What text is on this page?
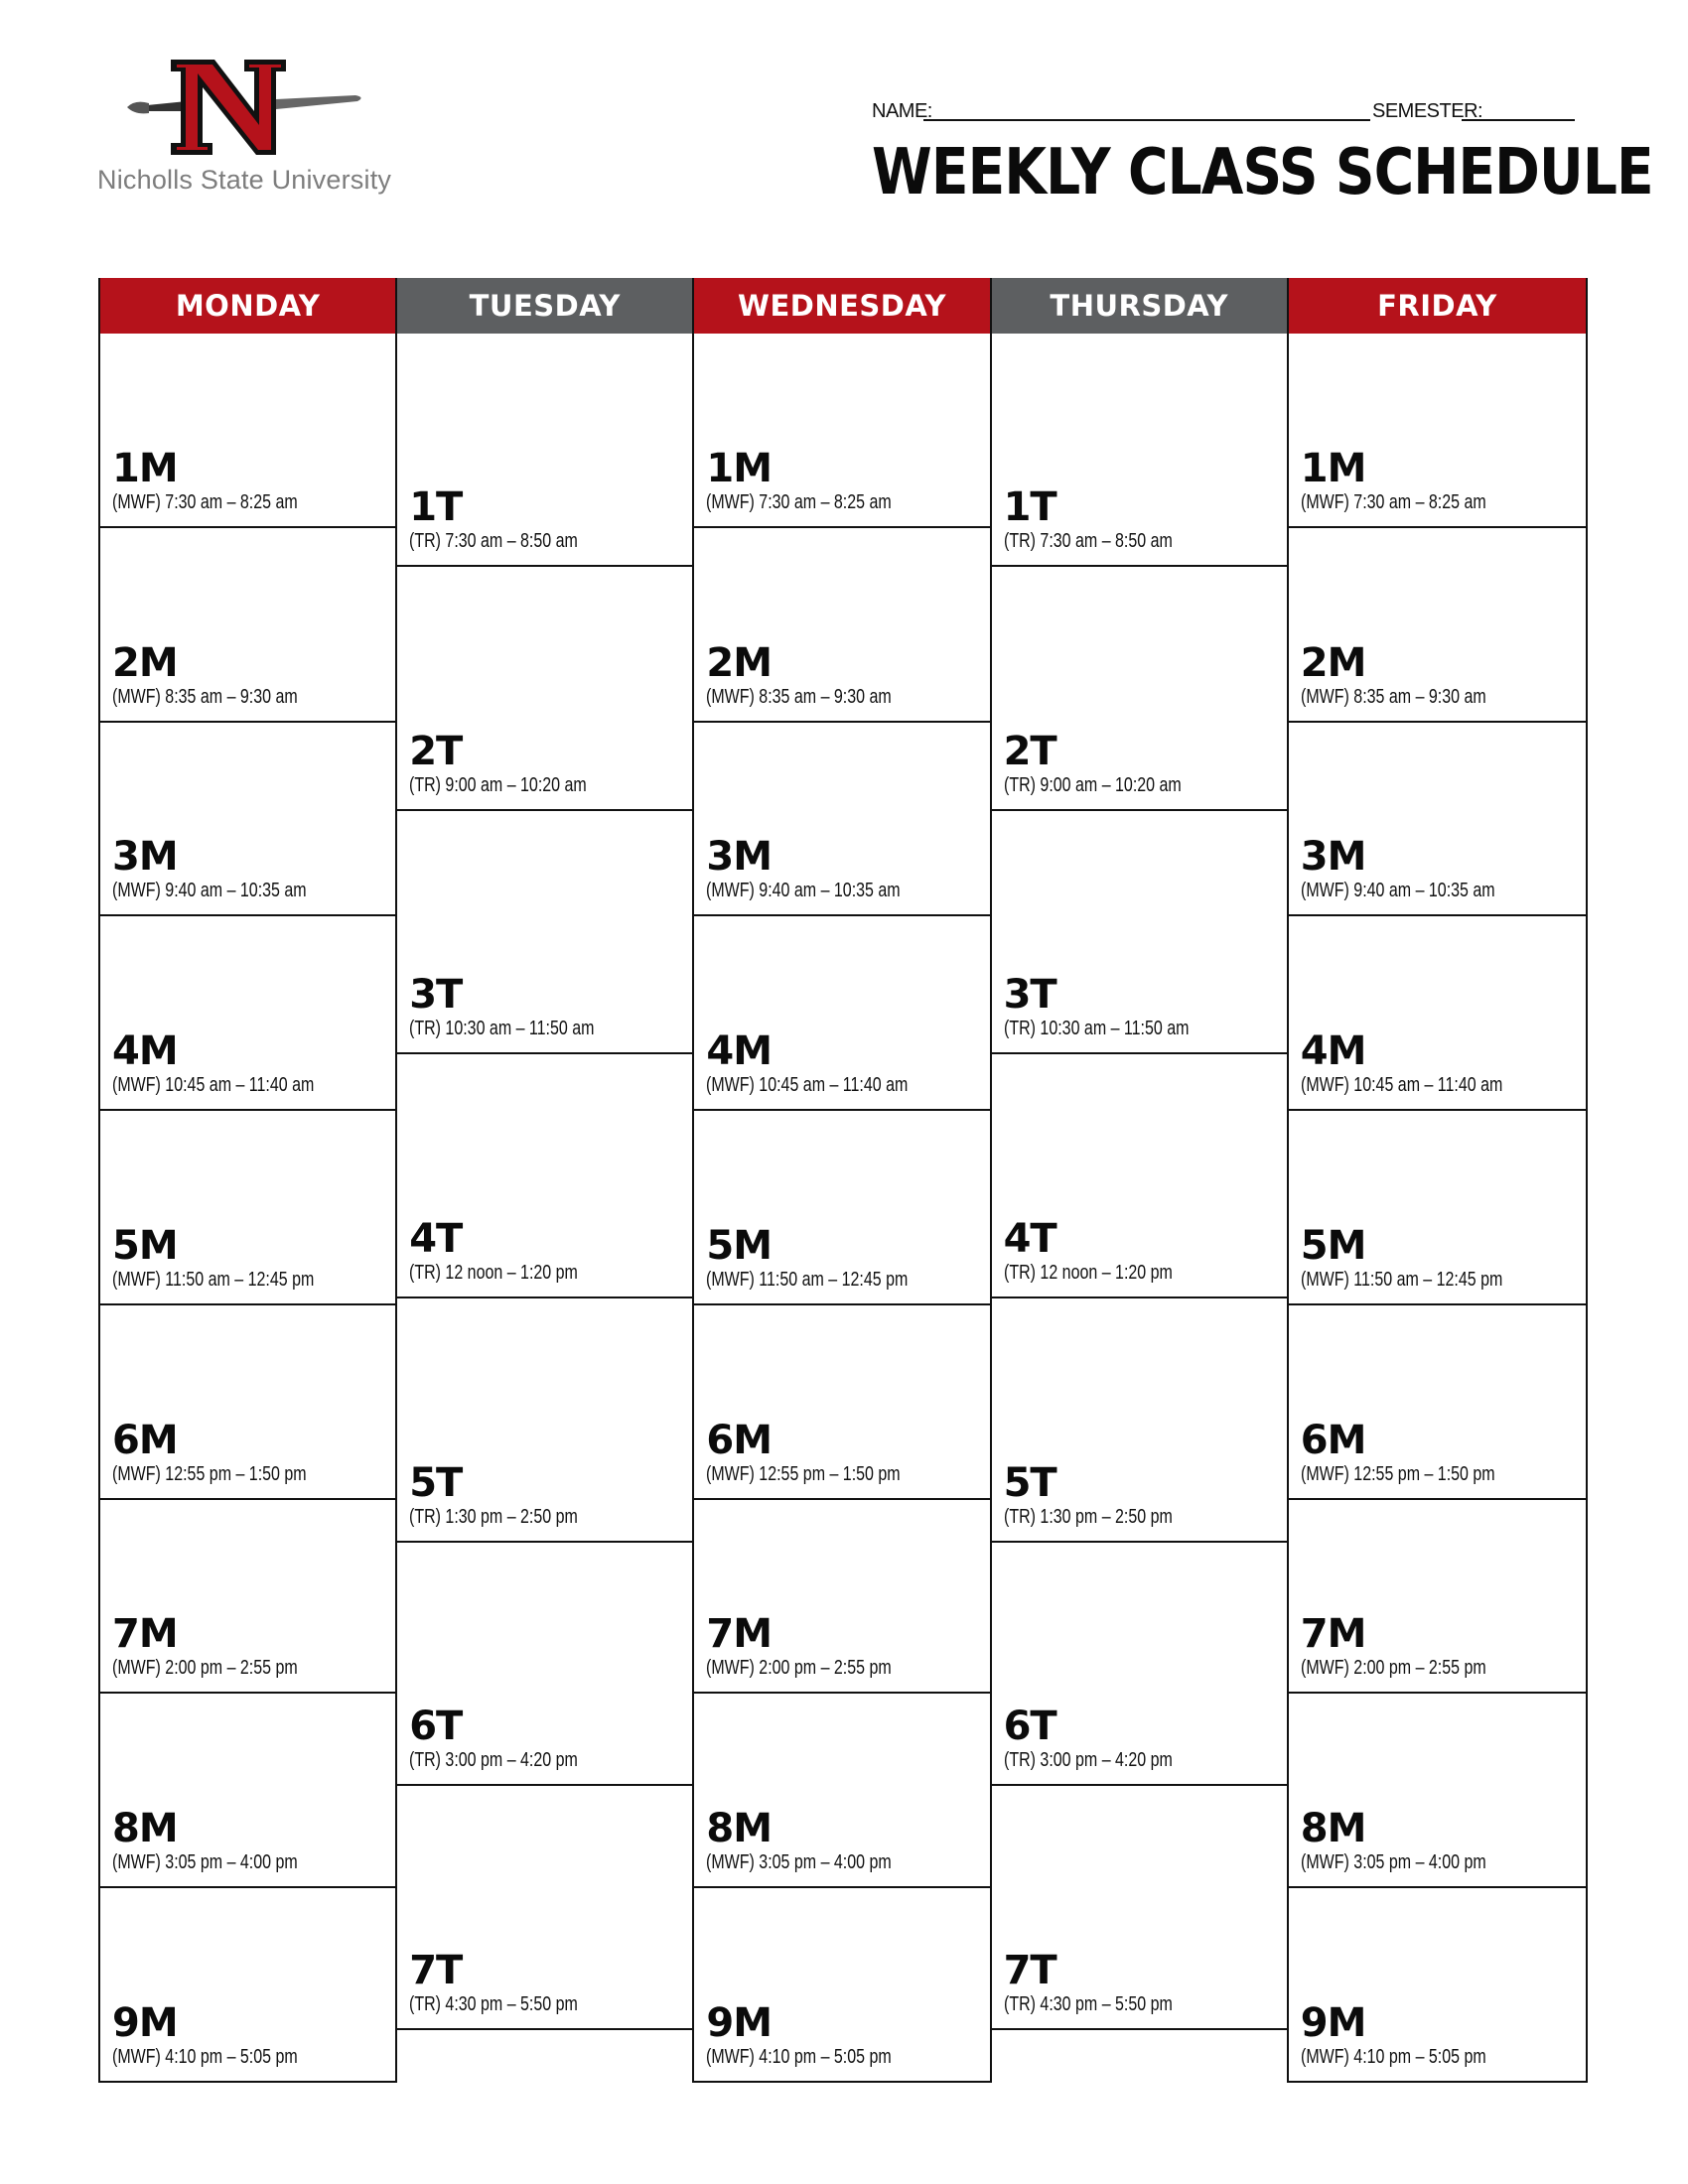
N
Nicholls State University
NAME:	SEMESTER:
WEEKLY CLASS SCHEDULE
MONDAY
1M
(MWF) 7:30 am – 8:25 am
2M
(MWF) 8:35 am – 9:30 am
3M
(MWF) 9:40 am – 10:35 am
4M
(MWF) 10:45 am – 11:40 am
5M
(MWF) 11:50 am – 12:45 pm
6M
(MWF) 12:55 pm – 1:50 pm
7M
(MWF) 2:00 pm – 2:55 pm
8M
(MWF) 3:05 pm – 4:00 pm
9M
(MWF) 4:10 pm – 5:05 pm
TUESDAY
1T
(TR) 7:30 am – 8:50 am
2T
(TR) 9:00 am – 10:20 am
3T
(TR) 10:30 am – 11:50 am
4T
(TR) 12 noon – 1:20 pm
5T
(TR) 1:30 pm – 2:50 pm
6T
(TR) 3:00 pm – 4:20 pm
7T
(TR) 4:30 pm – 5:50 pm
WEDNESDAY
1M
(MWF) 7:30 am – 8:25 am
2M
(MWF) 8:35 am – 9:30 am
3M
(MWF) 9:40 am – 10:35 am
4M
(MWF) 10:45 am – 11:40 am
5M
(MWF) 11:50 am – 12:45 pm
6M
(MWF) 12:55 pm – 1:50 pm
7M
(MWF) 2:00 pm – 2:55 pm
8M
(MWF) 3:05 pm – 4:00 pm
9M
(MWF) 4:10 pm – 5:05 pm
THURSDAY
1T
(TR) 7:30 am – 8:50 am
2T
(TR) 9:00 am – 10:20 am
3T
(TR) 10:30 am – 11:50 am
4T
(TR) 12 noon – 1:20 pm
5T
(TR) 1:30 pm – 2:50 pm
6T
(TR) 3:00 pm – 4:20 pm
7T
(TR) 4:30 pm – 5:50 pm
FRIDAY
1M
(MWF) 7:30 am – 8:25 am
2M
(MWF) 8:35 am – 9:30 am
3M
(MWF) 9:40 am – 10:35 am
4M
(MWF) 10:45 am – 11:40 am
5M
(MWF) 11:50 am – 12:45 pm
6M
(MWF) 12:55 pm – 1:50 pm
7M
(MWF) 2:00 pm – 2:55 pm
8M
(MWF) 3:05 pm – 4:00 pm
9M
(MWF) 4:10 pm – 5:05 pm
